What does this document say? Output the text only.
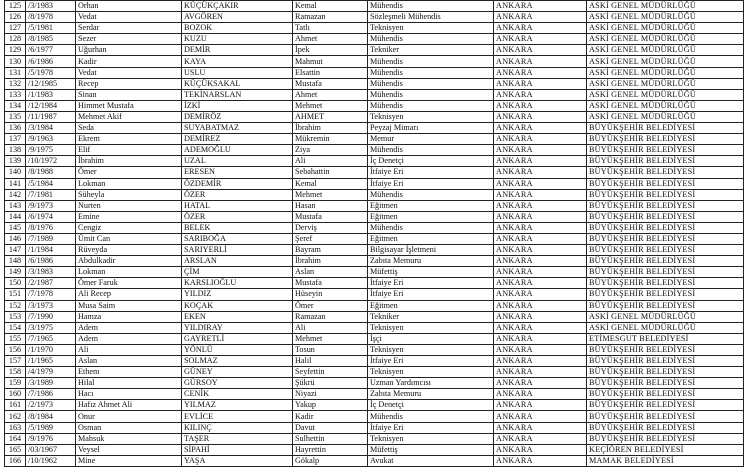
125	/3/1983	Orhan	KÜÇÜKÇAKIR	Kemal	Mühendis	ANKARA	ASKİ GENEL MÜDÜRLÜĞÜ
126	/8/1978	Vedat	AVGÖREN	Ramazan	Sözleşmeli Mühendis	ANKARA	ASKİ GENEL MÜDÜRLÜĞÜ
127	/5/1981	Serdar	BOZOK	Tatlı	Teknisyen	ANKARA	ASKİ GENEL MÜDÜRLÜĞÜ
128	/8/1985	Sezer	KUZU	Ahmet	Mühendis	ANKARA	ASKİ GENEL MÜDÜRLÜĞÜ
129	/6/1977	Uğurhan	DEMİR	İpek	Tekniker	ANKARA	ASKİ GENEL MÜDÜRLÜĞÜ
130	/6/1986	Kadir	KAYA	Mahmut	Mühendis	ANKARA	ASKİ GENEL MÜDÜRLÜĞÜ
131	/5/1978	Vedat	USLU	Elsattin	Mühendis	ANKARA	ASKİ GENEL MÜDÜRLÜĞÜ
132	/12/1985	Recep	KÜÇÜKSAKAL	Mustafa	Mühendis	ANKARA	ASKİ GENEL MÜDÜRLÜĞÜ
133	/1/1983	Sinan	TEKİNARSLAN	Ahmet	Mühendis	ANKARA	ASKİ GENEL MÜDÜRLÜĞÜ
134	/12/1984	Himmet Mustafa	İZKİ	Mehmet	Mühendis	ANKARA	ASKİ GENEL MÜDÜRLÜĞÜ
135	/11/1987	Mehmet Akif	DEMİRÖZ	AHMET	Teknisyen	ANKARA	ASKİ GENEL MÜDÜRLÜĞÜ
136	/3/1984	Seda	SUYABATMAZ	İbrahim	Peyzaj Mimarı	ANKARA	BÜYÜKŞEHİR BELEDİYESİ
137	/9/1963	Ekrem	DEMİREZ	Mükremin	Memur	ANKARA	BÜYÜKŞEHİR BELEDİYESİ
138	/9/1975	Elif	ADEMOĞLU	Ziya	Mühendis	ANKARA	BÜYÜKŞEHİR BELEDİYESİ
139	/10/1972	İbrahim	UZAL	Ali	İç Denetçi	ANKARA	BÜYÜKŞEHİR BELEDİYESİ
140	/8/1988	Ömer	ERESEN	Sebahattin	İtfaiye Eri	ANKARA	BÜYÜKŞEHİR BELEDİYESİ
141	/5/1984	Lokman	ÖZDEMİR	Kemal	İtfaiye Eri	ANKARA	BÜYÜKŞEHİR BELEDİYESİ
142	/7/1981	Süheyla	ÖZER	Mehmet	Mühendis	ANKARA	BÜYÜKŞEHİR BELEDİYESİ
143	/9/1973	Nurten	HATAL	Hasan	Eğitmen	ANKARA	BÜYÜKŞEHİR BELEDİYESİ
144	/6/1974	Emine	ÖZER	Mustafa	Eğitmen	ANKARA	BÜYÜKŞEHİR BELEDİYESİ
145	/8/1976	Cengiz	BELEK	Derviş	Mühendis	ANKARA	BÜYÜKŞEHİR BELEDİYESİ
146	/7/1989	Ümit Can	SARIBOĞA	Şeref	Eğitmen	ANKARA	BÜYÜKŞEHİR BELEDİYESİ
147	/1/1984	Rüveyda	SARIYERLİ	Bayram	Bilgisayar İşletmeni	ANKARA	BÜYÜKŞEHİR BELEDİYESİ
148	/6/1986	Abdulkadir	ARSLAN	İbrahim	Zabıta Memuru	ANKARA	BÜYÜKŞEHİR BELEDİYESİ
149	/3/1983	Lokman	ÇİM	Aslan	Müfettiş	ANKARA	BÜYÜKŞEHİR BELEDİYESİ
150	/2/1987	Ömer Faruk	KARSLIOĞLU	Mustafa	İtfaiye Eri	ANKARA	BÜYÜKŞEHİR BELEDİYESİ
151	/7/1978	Ali Recep	YILDIZ	Hüseyin	İtfaiye Eri	ANKARA	BÜYÜKŞEHİR BELEDİYESİ
152	/3/1973	Musa Saim	KOÇAK	Ömer	Eğitmen	ANKARA	BÜYÜKŞEHİR BELEDİYESİ
153	/7/1990	Hamza	EKEN	Ramazan	Tekniker	ANKARA	ASKİ GENEL MÜDÜRLÜĞÜ
154	/3/1975	Adem	YILDIRAY	Ali	Teknisyen	ANKARA	ASKİ GENEL MÜDÜRLÜĞÜ
155	/7/1965	Adem	GAYRETLİ	Mehmet	İşçi	ANKARA	ETİMESGUT BELEDİYESİ
156	/1/1970	Ali	YÖNLÜ	Tosun	Teknisyen	ANKARA	BÜYÜKŞEHİR BELEDİYESİ
157	/1/1965	Aslan	SOLMAZ	Halil	İtfaiye Eri	ANKARA	BÜYÜKŞEHİR BELEDİYESİ
158	/4/1979	Ethem	GÜNEY	Seyfettin	Teknisyen	ANKARA	BÜYÜKŞEHİR BELEDİYESİ
159	/3/1989	Hilal	GÜRSOY	Şükrü	Uzman Yardımcısı	ANKARA	BÜYÜKŞEHİR BELEDİYESİ
160	/7/1986	Hacı	CENİK	Niyazi	Zabıta Memuru	ANKARA	BÜYÜKŞEHİR BELEDİYESİ
161	/2/1973	Hafız Ahmet Ali	YILMAZ	Yakup	İç Denetçi	ANKARA	BÜYÜKŞEHİR BELEDİYESİ
162	/8/1984	Onur	EVLİCE	Kadir	Mühendis	ANKARA	BÜYÜKŞEHİR BELEDİYESİ
163	/5/1989	Osman	KILINÇ	Davut	İtfaiye Eri	ANKARA	BÜYÜKŞEHİR BELEDİYESİ
164	/9/1976	Mahsuk	TAŞER	Sulhettin	Teknisyen	ANKARA	BÜYÜKŞEHİR BELEDİYESİ
165	/03/1967	Veysel	SİPAHİ	Hayrettin	Müfettiş	ANKARA	KEÇİÖREN BELEDİYESİ
166	/10/1962	Mine	YAŞA	Gökalp	Avukat	ANKARA	MAMAK BELEDİYESİ
